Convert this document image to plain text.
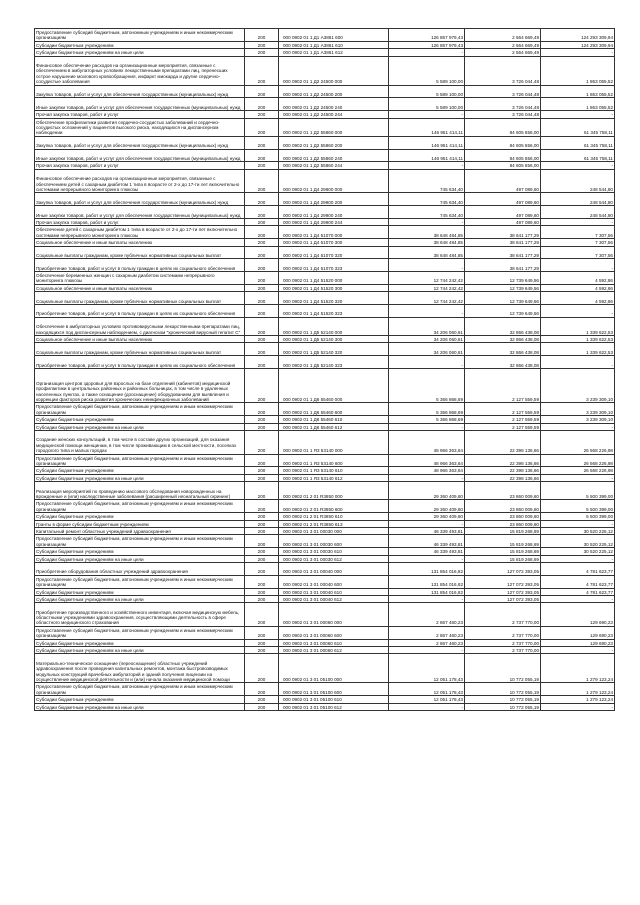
Предоставление субсидий бюджетным, автономным учреждениям и иным некоммерческим организациям	200	000 0902 01 1 Д1 А3861 600	126 857 979,43	2 564 669,49	124 293 309,94
Субсидии бюджетным учреждениям	200	000 0902 01 1 Д1 А3861 610	126 857 979,43	2 564 669,49	124 293 309,94
Субсидии бюджетным учреждениям на иные цели	200	000 0902 01 1 Д1 А3861 612	-	2 564 669,49	-
Финансовое обеспечение расходов на организационные мероприятия, связанные с обеспечением в амбулаторных условиях лекарственными препаратами лиц, перенесших острое нарушение мозгового кровообращения, инфаркт миокарда и другие сердечно-сосудистые заболевания	200	000 0902 01 1 Д2 24500 000	5 589 100,00	3 726 044,48	1 863 055,52
Закупка товаров, работ и услуг для обеспечения государственных (муниципальных) нужд	200	000 0902 01 1 Д2 24500 200	5 589 100,00	3 726 044,48	1 863 055,52
Иные закупки товаров, работ и услуг для обеспечения государственных (муниципальных) нужд	200	000 0902 01 1 Д2 24500 240	5 589 100,00	3 726 044,48	1 863 055,52
Прочая закупка товаров, работ и услуг	200	000 0902 01 1 Д2 24500 244	-	3 726 044,48	-
Обеспечение профилактики развития сердечно-сосудистых заболеваний и сердечно-сосудистых осложнений у пациентов высокого риска, находящихся на диспансерном наблюдении	200	000 0902 01 1 Д2 55860 000	146 951 414,11	84 605 656,00	61 345 758,11
Закупка товаров, работ и услуг для обеспечения государственных (муниципальных) нужд	200	000 0902 01 1 Д2 55860 200	146 951 414,11	84 605 656,00	61 345 758,11
Иные закупки товаров, работ и услуг для обеспечения государственных (муниципальных) нужд	200	000 0902 01 1 Д2 55860 240	146 951 414,11	84 605 656,00	61 345 758,11
Прочая закупка товаров, работ и услуг	200	000 0902 01 1 Д2 55860 244	-	84 605 656,00	-
Финансовое обеспечение расходов на организационные мероприятия, связанные с обеспечением детей с сахарным диабетом 1 типа в возрасте от 2-х до 17-ти лет включительно системами непрерывного мониторинга глюкозы	200	000 0902 01 1 Д4 29900 000	745 634,40	497 089,60	248 544,80
Закупка товаров, работ и услуг для обеспечения государственных (муниципальных) нужд	200	000 0902 01 1 Д4 29900 200	745 634,40	497 089,60	248 544,80
Иные закупки товаров, работ и услуг для обеспечения государственных (муниципальных) нужд	200	000 0902 01 1 Д4 29900 240	745 634,40	497 089,60	248 544,80
Прочая закупка товаров, работ и услуг	200	000 0902 01 1 Д4 29900 244	-	497 089,60	-
Обеспечение детей с сахарным диабетом 1 типа в возрасте от 2-х до 17-ти лет включительно системами непрерывного мониторинга глюкозы	200	000 0902 01 1 Д4 51070 000	38 648 484,85	38 641 177,29	7 307,56
Социальное обеспечение и иные выплаты населению	200	000 0902 01 1 Д4 51070 300	38 648 484,85	38 641 177,29	7 307,56
Социальные выплаты гражданам, кроме публичных нормативных социальных выплат	200	000 0902 01 1 Д4 51070 320	38 648 484,85	38 641 177,29	7 307,56
Приобретение товаров, работ и услуг в пользу граждан в целях их социального обеспечения	200	000 0902 01 1 Д4 51070 323	-	38 641 177,29	-
Обеспечение беременных женщин с сахарным диабетом системами непрерывного мониторинга глюкозы	200	000 0902 01 1 Д4 51520 000	12 744 242,42	12 739 649,56	4 592,86
Социальное обеспечение и иные выплаты населению	200	000 0902 01 1 Д4 51520 300	12 744 242,42	12 739 649,56	4 592,86
Социальные выплаты гражданам, кроме публичных нормативных социальных выплат	200	000 0902 01 1 Д4 51520 320	12 744 242,42	12 739 649,56	4 592,86
Приобретение товаров, работ и услуг в пользу граждан в целях их социального обеспечения	200	000 0902 01 1 Д4 51520 323	-	12 739 649,56	-
Обеспечение в амбулаторных условиях противовирусными лекарственными препаратами лиц, находящихся под диспансерным наблюдением, с диагнозом "хронический вирусный гепатит С"	200	000 0902 01 1 Д5 52140 000	34 206 060,61	32 866 438,08	1 339 622,53
Социальное обеспечение и иные выплаты населению	200	000 0902 01 1 Д5 52140 300	34 206 060,61	32 866 438,08	1 339 622,53
Социальные выплаты гражданам, кроме публичных нормативных социальных выплат	200	000 0902 01 1 Д5 52140 320	34 206 060,61	32 866 438,08	1 339 622,53
Приобретение товаров, работ и услуг в пользу граждан в целях их социального обеспечения	200	000 0902 01 1 Д5 52140 323	-	32 866 438,08	-
Организация центров здоровья для взрослых на базе отделений (кабинетов) медицинской профилактики в центральных районных и районных больницах, в том числе в удаленных населенных пунктах, а также оснащение (дооснащение) оборудованием для выявления и коррекции факторов риска развития хронических неинфекционных заболеваний	200	000 0902 01 1 Д6 55460 000	5 366 868,69	2 127 559,59	3 239 309,10
Предоставление субсидий бюджетным, автономным учреждениям и иным некоммерческим организациям	200	000 0902 01 1 Д6 55460 600	5 366 868,69	2 127 559,59	3 239 309,10
Субсидии бюджетным учреждениям	200	000 0902 01 1 Д6 55460 610	5 366 868,69	2 127 559,59	3 239 309,10
Субсидии бюджетным учреждениям на иные цели	200	000 0902 01 1 Д6 55460 612	-	2 127 559,59	-
Создание женских консультаций, в том числе в составе других организаций, для оказания медицинской помощи женщинам, в том числе проживающим в сельской местности, поселках городского типа и малых городах	200	000 0902 01 1 Я3 53140 000	48 966 363,64	22 398 136,66	26 568 226,98
Предоставление субсидий бюджетным, автономным учреждениям и иным некоммерческим организациям	200	000 0902 01 1 Я3 53140 600	48 966 363,64	22 398 136,66	26 568 226,98
Субсидии бюджетным учреждениям	200	000 0902 01 1 Я3 53140 610	48 966 363,64	22 398 136,66	26 568 226,98
Субсидии бюджетным учреждениям на иные цели	200	000 0902 01 1 Я3 53140 612	-	22 398 136,66	-
Реализация мероприятий по проведению массового обследования новорожденных на врожденные и (или) наследственные заболевания (расширенный неонатальный скрининг)	200	000 0902 01 2 01 R3850 000	29 360 409,60	23 860 009,60	5 500 399,00
Предоставление субсидий бюджетным, автономным учреждениям и иным некоммерческим организациям	200	000 0902 01 2 01 R3850 600	29 360 409,60	23 860 009,60	5 500 399,00
Субсидии бюджетным учреждениям	200	000 0902 01 2 01 R3850 610	29 360 409,60	23 860 009,60	5 500 399,00
Гранты в форме субсидии бюджетным учреждениям	200	000 0902 01 2 01 R3850 613	-	23 860 009,60	-
Капитальный ремонт областных учреждений здравоохранения	200	000 0902 01 3 01 00030 000	46 339 493,81	15 819 268,69	30 520 225,12
Предоставление субсидий бюджетным, автономным учреждениям и иным некоммерческим организациям	200	000 0902 01 3 01 00030 600	46 339 493,81	15 819 268,69	30 520 225,12
Субсидии бюджетным учреждениям	200	000 0902 01 3 01 00030 610	46 339 493,81	15 819 268,69	30 520 225,12
Субсидии бюджетным учреждениям на иные цели	200	000 0902 01 3 01 00030 612	-	15 819 268,69	-
Приобретение оборудования областных учреждений здравоохранения	200	000 0902 01 3 01 00040 000	131 854 016,82	127 072 393,05	4 781 623,77
Предоставление субсидий бюджетным, автономным учреждениям и иным некоммерческим организациям	200	000 0902 01 3 01 00040 600	131 854 016,82	127 072 393,05	4 781 623,77
Субсидии бюджетным учреждениям	200	000 0902 01 3 01 00040 610	131 854 016,82	127 072 393,05	4 781 623,77
Субсидии бюджетным учреждениям на иные цели	200	000 0902 01 3 01 00040 612	-	127 072 393,05	-
Приобретение производственного и хозяйственного инвентаря, включая медицинскую мебель, областными учреждениями здравоохранения, осуществляющими деятельность в сфере областного медицинского страхования	200	000 0902 01 3 01 00060 000	2 867 460,23	2 737 770,00	129 690,23
Предоставление субсидий бюджетным, автономным учреждениям и иным некоммерческим организациям	200	000 0902 01 3 01 00060 600	2 867 460,23	2 737 770,00	129 690,23
Субсидии бюджетным учреждениям	200	000 0902 01 3 01 00060 610	2 867 460,23	2 737 770,00	129 690,23
Субсидии бюджетным учреждениям на иные цели	200	000 0902 01 3 01 00060 612	-	2 737 770,00	-
Материально-техническое оснащение (переоснащение) областных учреждений здравоохранения после проведения капитальных ремонтов, монтажа быстровозводимых модульных конструкций врачебных амбулаторий и зданий получения лицензии на осуществление медицинской деятельности и (или) начала оказания медицинской помощи	200	000 0902 01 3 01 05100 000	12 051 178,43	10 772 055,19	1 279 123,24
Предоставление субсидий бюджетным, автономным учреждениям и иным некоммерческим организациям	200	000 0902 01 3 01 05100 600	12 051 178,43	10 772 055,19	1 279 123,24
Субсидии бюджетным учреждениям	200	000 0902 01 3 01 05100 610	12 051 178,43	10 772 055,19	1 279 123,24
Субсидии бюджетным учреждениям на иные цели	200	000 0902 01 3 01 05100 612	-	10 772 055,19	-
